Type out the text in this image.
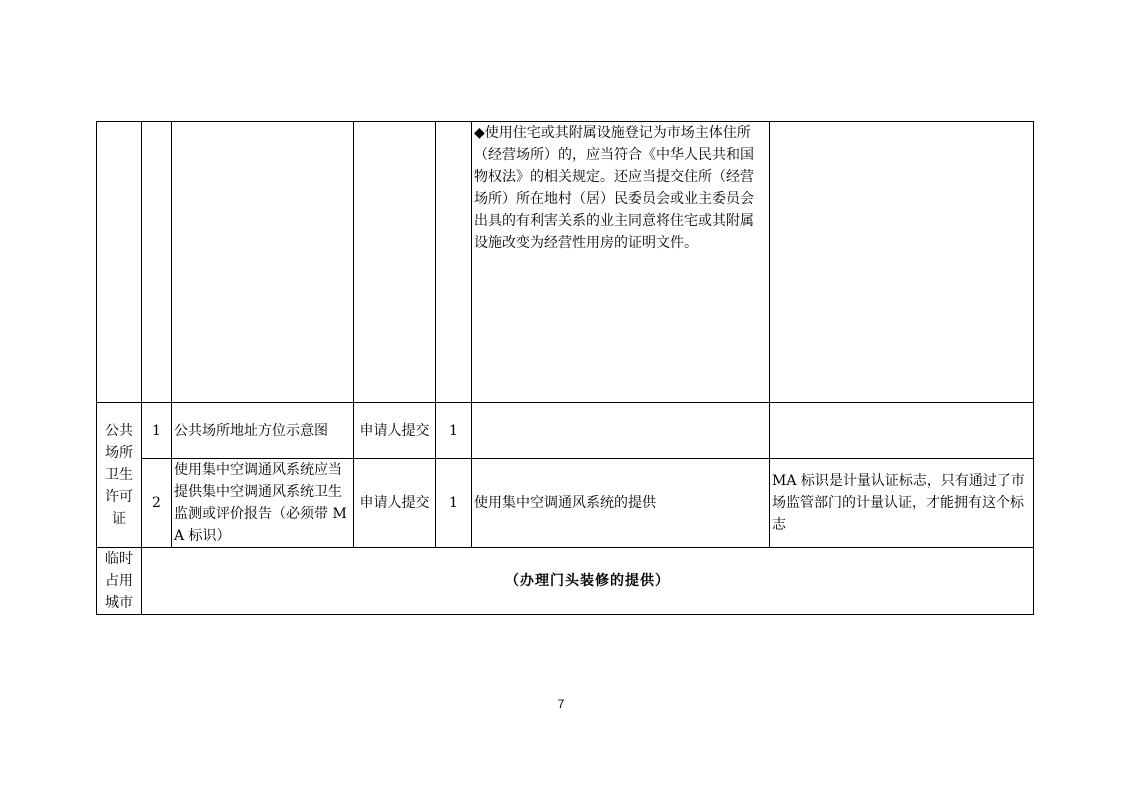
					◆使用住宅或其附属设施登记为市场主体住所（经营场所）的，应当符合《中华人民共和国物权法》的相关规定。还应当提交住所（经营场所）所在地村（居）民委员会或业主委员会出具的有利害关系的业主同意将住宅或其附属设施改变为经营性用房的证明文件。	
公共场所卫生许可证	1	公共场所地址方位示意图	申请人提交	1		
	2	使用集中空调通风系统应当提供集中空调通风系统卫生监测或评价报告（必须带 MA 标识）	申请人提交	1	使用集中空调通风系统的提供	MA 标识是计量认证标志，只有通过了市场监管部门的计量认证，才能拥有这个标志
临时占用城市	（办理门头装修的提供）					
7
